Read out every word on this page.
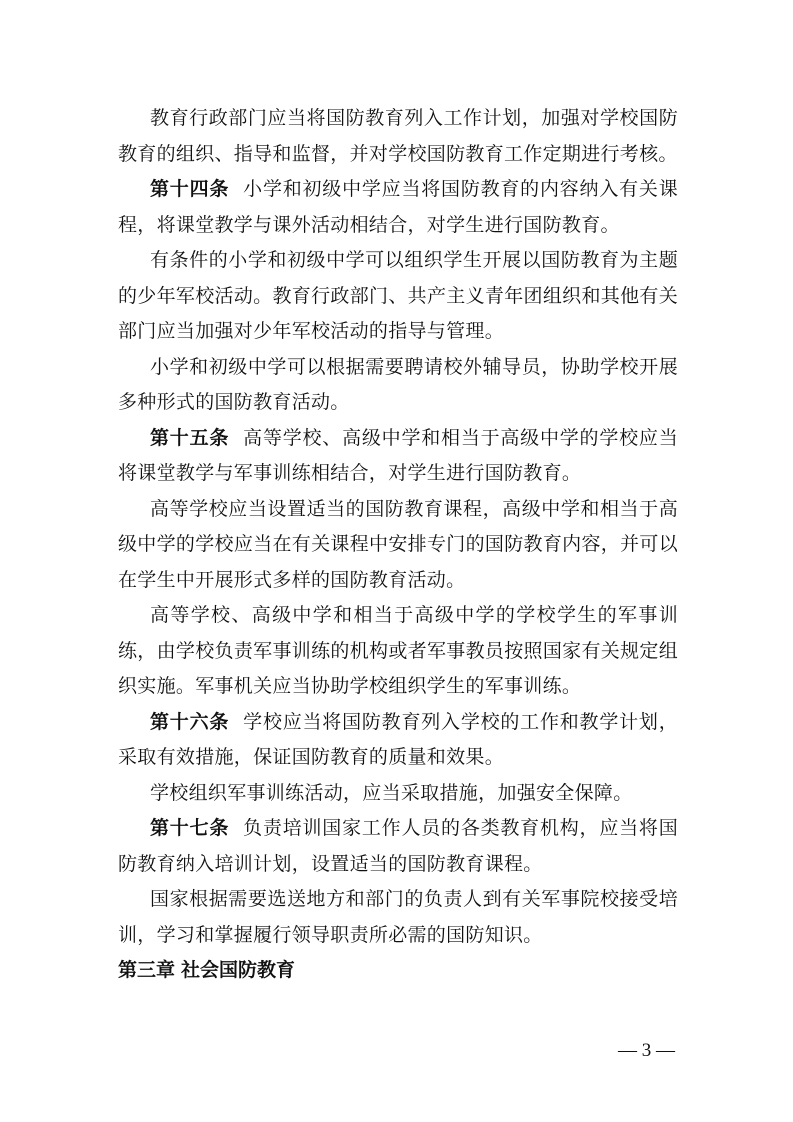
教育行政部门应当将国防教育列入工作计划，加强对学校国防教育的组织、指导和监督，并对学校国防教育工作定期进行考核。

第十四条 小学和初级中学应当将国防教育的内容纳入有关课程，将课堂教学与课外活动相结合，对学生进行国防教育。

有条件的小学和初级中学可以组织学生开展以国防教育为主题的少年军校活动。教育行政部门、共产主义青年团组织和其他有关部门应当加强对少年军校活动的指导与管理。

小学和初级中学可以根据需要聘请校外辅导员，协助学校开展多种形式的国防教育活动。

第十五条 高等学校、高级中学和相当于高级中学的学校应当将课堂教学与军事训练相结合，对学生进行国防教育。

高等学校应当设置适当的国防教育课程，高级中学和相当于高级中学的学校应当在有关课程中安排专门的国防教育内容，并可以在学生中开展形式多样的国防教育活动。

高等学校、高级中学和相当于高级中学的学校学生的军事训练，由学校负责军事训练的机构或者军事教员按照国家有关规定组织实施。军事机关应当协助学校组织学生的军事训练。

第十六条 学校应当将国防教育列入学校的工作和教学计划，采取有效措施，保证国防教育的质量和效果。

学校组织军事训练活动，应当采取措施，加强安全保障。

第十七条 负责培训国家工作人员的各类教育机构，应当将国防教育纳入培训计划，设置适当的国防教育课程。

国家根据需要选送地方和部门的负责人到有关军事院校接受培训，学习和掌握履行领导职责所必需的国防知识。

第三章 社会国防教育

— 3 —
